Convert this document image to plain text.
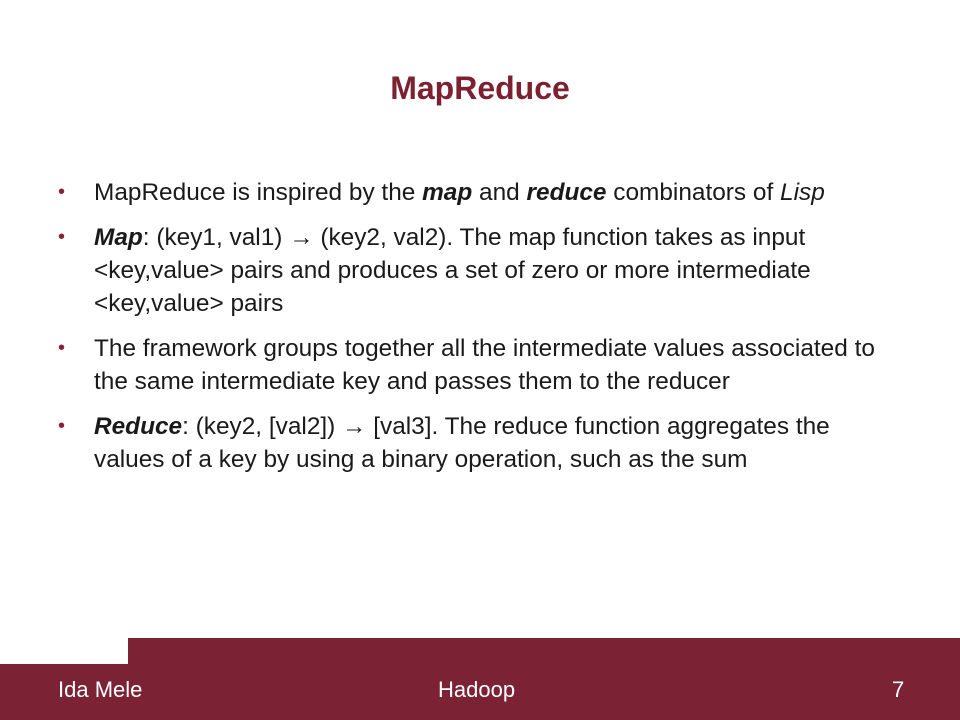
MapReduce
• MapReduce is inspired by the map and reduce combinators of Lisp
• Map: (key1, val1) → (key2, val2). The map function takes as input <key,value> pairs and produces a set of zero or more intermediate <key,value> pairs
• The framework groups together all the intermediate values associated to the same intermediate key and passes them to the reducer
• Reduce: (key2, [val2]) → [val3]. The reduce function aggregates the values of a key by using a binary operation, such as the sum
Ida Mele	Hadoop	7
